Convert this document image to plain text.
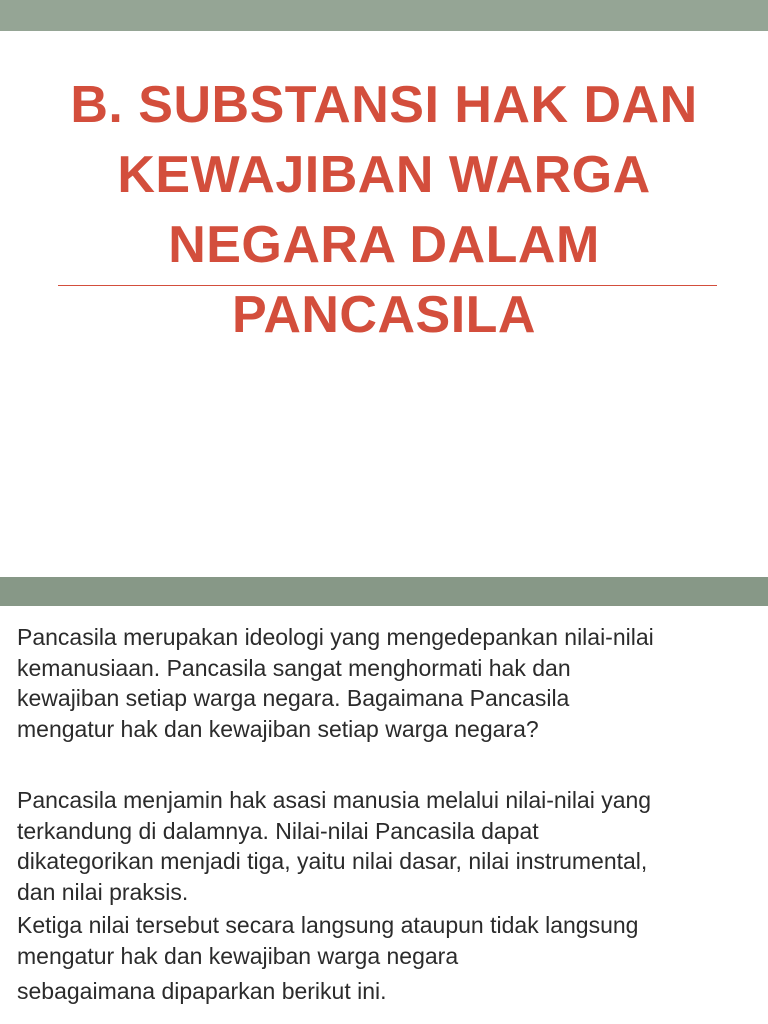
B. SUBSTANSI HAK DAN
KEWAJIBAN WARGA
NEGARA DALAM
PANCASILA

Pancasila merupakan ideologi yang mengedepankan nilai-nilai
kemanusiaan. Pancasila sangat menghormati hak dan
kewajiban setiap warga negara. Bagaimana Pancasila
mengatur hak dan kewajiban setiap warga negara?

Pancasila menjamin hak asasi manusia melalui nilai-nilai yang
terkandung di dalamnya. Nilai-nilai Pancasila dapat
dikategorikan menjadi tiga, yaitu nilai dasar, nilai instrumental,
dan nilai praksis.

Ketiga nilai tersebut secara langsung ataupun tidak langsung
mengatur hak dan kewajiban warga negara

sebagaimana dipaparkan berikut ini.
